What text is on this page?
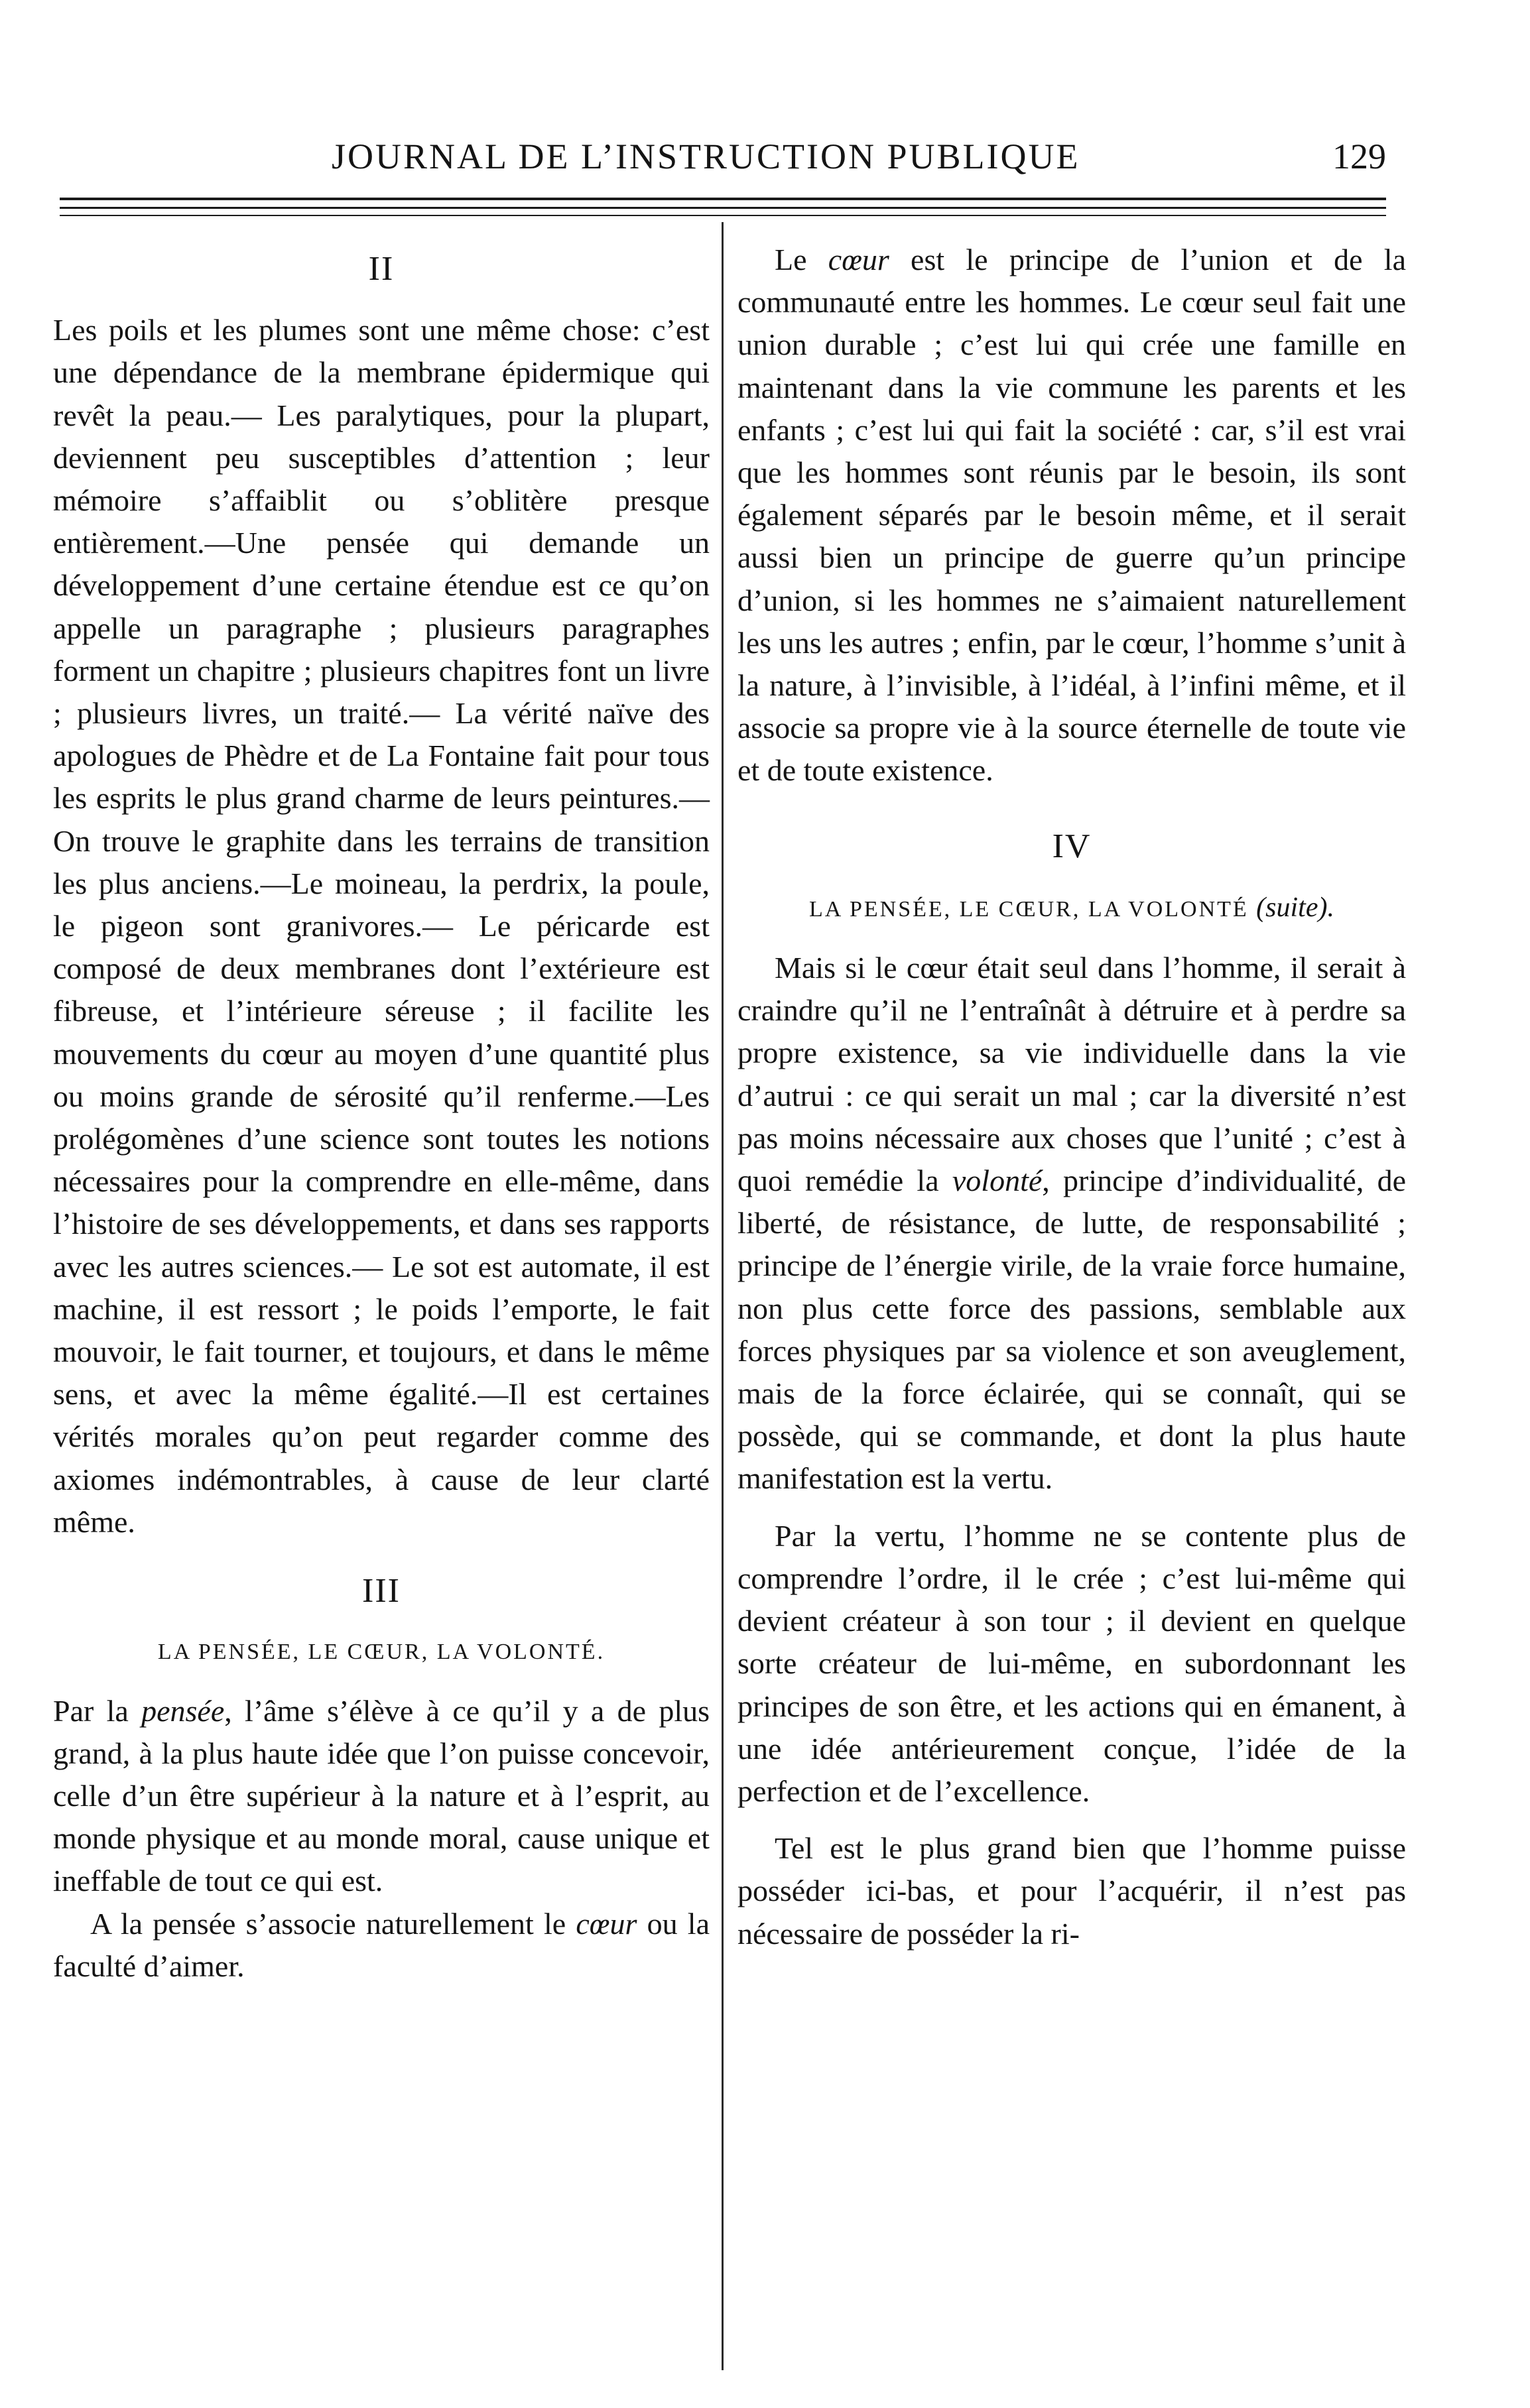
JOURNAL DE L’INSTRUCTION PUBLIQUE	129
II

Les poils et les plumes sont une même chose: c’est une dépendance de la membrane épidermique qui revêt la peau.— Les paralytiques, pour la plupart, deviennent peu susceptibles d’attention ; leur mémoire s’affaiblit ou s’oblitère presque entièrement.—Une pensée qui demande un développement d’une certaine étendue est ce qu’on appelle un paragraphe ; plusieurs paragraphes forment un chapitre ; plusieurs chapitres font un livre ; plusieurs livres, un traité.— La vérité naïve des apologues de Phèdre et de La Fontaine fait pour tous les esprits le plus grand charme de leurs peintures.—On trouve le graphite dans les terrains de transition les plus anciens.—Le moineau, la perdrix, la poule, le pigeon sont granivores.— Le péricarde est composé de deux membranes dont l’extérieure est fibreuse, et l’intérieure séreuse ; il facilite les mouvements du cœur au moyen d’une quantité plus ou moins grande de sérosité qu’il renferme.—Les prolégomènes d’une science sont toutes les notions nécessaires pour la comprendre en elle-même, dans l’histoire de ses développements, et dans ses rapports avec les autres sciences.— Le sot est automate, il est machine, il est ressort ; le poids l’emporte, le fait mouvoir, le fait tourner, et toujours, et dans le même sens, et avec la même égalité.—Il est certaines vérités morales qu’on peut regarder comme des axiomes indémontrables, à cause de leur clarté même.

III
LA PENSÉE, LE CŒUR, LA VOLONTÉ.

Par la pensée, l’âme s’élève à ce qu’il y a de plus grand, à la plus haute idée que l’on puisse concevoir, celle d’un être supérieur à la nature et à l’esprit, au monde physique et au monde moral, cause unique et ineffable de tout ce qui est.

A la pensée s’associe naturellement le cœur ou la faculté d’aimer.

Le cœur est le principe de l’union et de la communauté entre les hommes. Le cœur seul fait une union durable ; c’est lui qui crée une famille en maintenant dans la vie commune les parents et les enfants ; c’est lui qui fait la société : car, s’il est vrai que les hommes sont réunis par le besoin, ils sont également séparés par le besoin même, et il serait aussi bien un principe de guerre qu’un principe d’union, si les hommes ne s’aimaient naturellement les uns les autres ; enfin, par le cœur, l’homme s’unit à la nature, à l’invisible, à l’idéal, à l’infini même, et il associe sa propre vie à la source éternelle de toute vie et de toute existence.

IV
LA PENSÉE, LE CŒUR, LA VOLONTÉ (suite).

Mais si le cœur était seul dans l’homme, il serait à craindre qu’il ne l’entraînât à détruire et à perdre sa propre existence, sa vie individuelle dans la vie d’autrui : ce qui serait un mal ; car la diversité n’est pas moins nécessaire aux choses que l’unité ; c’est à quoi remédie la volonté, principe d’individualité, de liberté, de résistance, de lutte, de responsabilité ; principe de l’énergie virile, de la vraie force humaine, non plus cette force des passions, semblable aux forces physiques par sa violence et son aveuglement, mais de la force éclairée, qui se connaît, qui se possède, qui se commande, et dont la plus haute manifestation est la vertu.

Par la vertu, l’homme ne se contente plus de comprendre l’ordre, il le crée ; c’est lui-même qui devient créateur à son tour ; il devient en quelque sorte créateur de lui-même, en subordonnant les principes de son être, et les actions qui en émanent, à une idée antérieurement conçue, l’idée de la perfection et de l’excellence.

Tel est le plus grand bien que l’homme puisse posséder ici-bas, et pour l’acquérir, il n’est pas nécessaire de posséder la ri-
